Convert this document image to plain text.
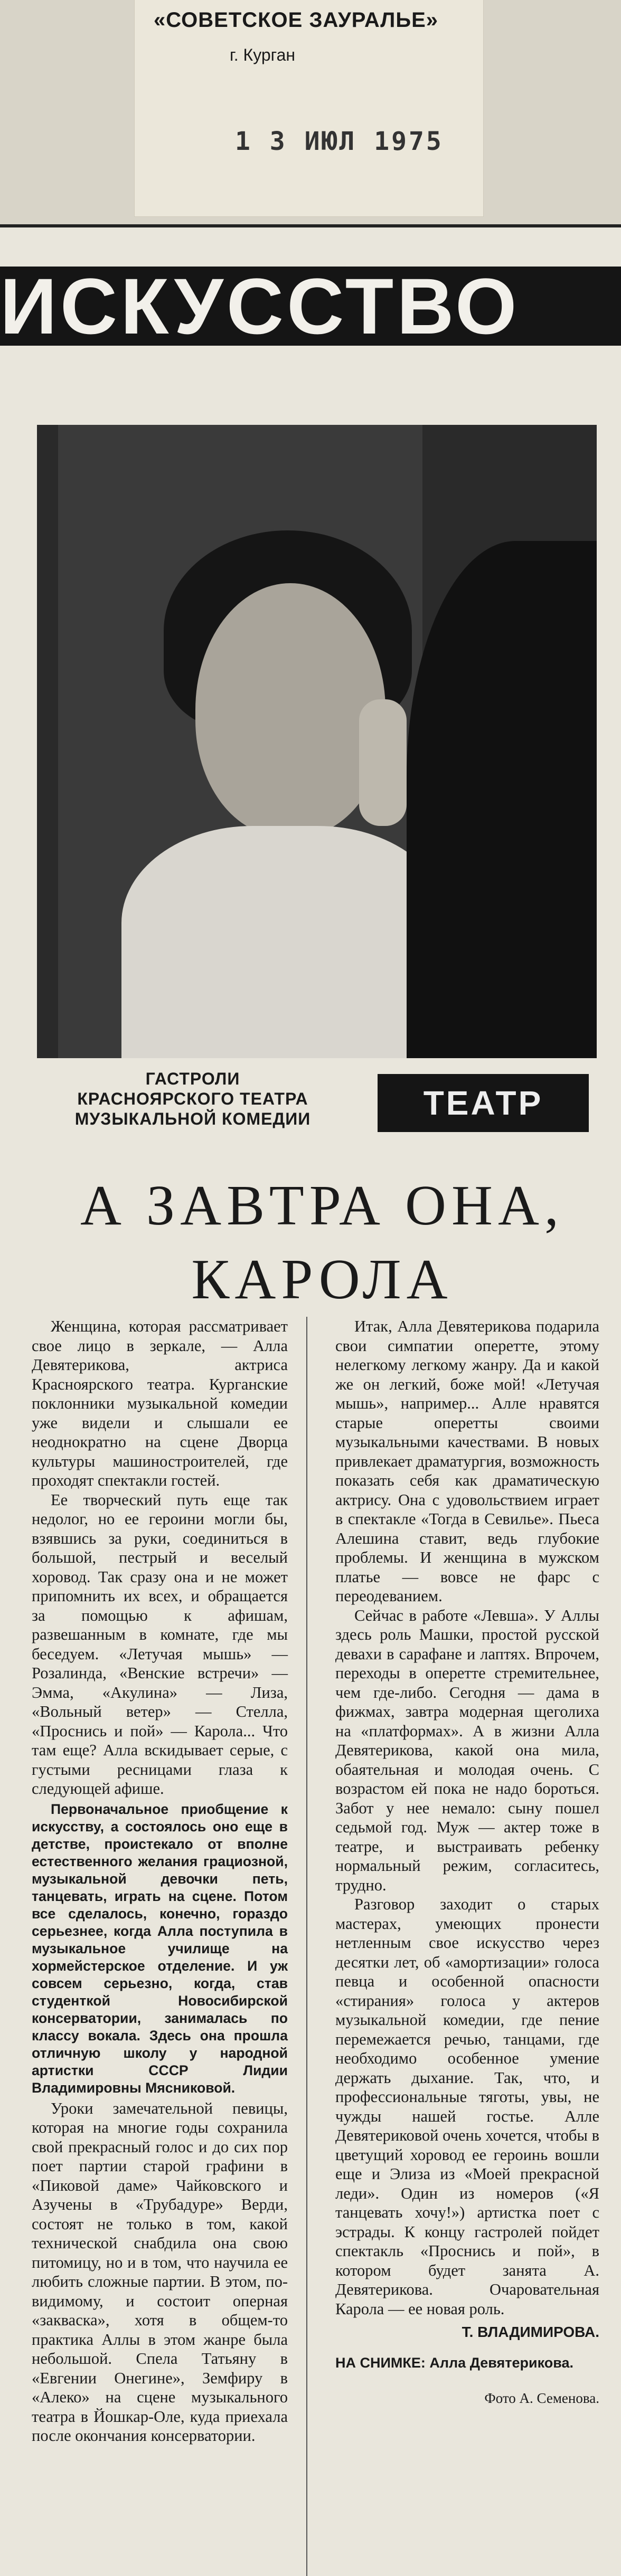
«СОВЕТСКОЕ ЗАУРАЛЬЕ»
г. Курган
1 3 ИЮЛ 1975
ИСКУССТВО
ГАСТРОЛИ КРАСНОЯРСКОГО ТЕАТРА МУЗЫКАЛЬНОЙ КОМЕДИИ	ТЕАТР
А ЗАВТРА ОНА,
КАРОЛА

Женщина, которая рассматривает свое лицо в зеркале, — Алла Девятерикова, актриса Красноярского театра. Курганские поклонники музыкальной комедии уже видели и слышали ее неоднократно на сцене Дворца культуры машиностроителей, где проходят спектакли гостей.

Ее творческий путь еще так недолог, но ее героини могли бы, взявшись за руки, соединиться в большой, пестрый и веселый хоровод. Так сразу она и не может припомнить их всех, и обращается за помощью к афишам, развешанным в комнате, где мы беседуем. «Летучая мышь» — Розалинда, «Венские встречи» — Эмма, «Акулина» — Лиза, «Вольный ветер» — Стелла, «Проснись и пой» — Карола... Что там еще? Алла вскидывает серые, с густыми ресницами глаза к следующей афише.

Первоначальное приобщение к искусству, а состоялось оно еще в детстве, проистекало от вполне естественного желания грациозной, музыкальной девочки петь, танцевать, играть на сцене. Потом все сделалось, конечно, гораздо серьезнее, когда Алла поступила в музыкальное училище на хормейстерское отделение. И уж совсем серьезно, когда, став студенткой Новосибирской консерватории, занималась по классу вокала. Здесь она прошла отличную школу у народной артистки СССР Лидии Владимировны Мясниковой.

Уроки замечательной певицы, которая на многие годы сохранила свой прекрасный голос и до сих пор поет партии старой графини в «Пиковой даме» Чайковского и Азучены в «Трубадуре» Верди, состоят не только в том, какой технической снабдила она свою питомицу, но и в том, что научила ее любить сложные партии. В этом, по-видимому, и состоит оперная «закваска», хотя в общем-то практика Аллы в этом жанре была небольшой. Спела Татьяну в «Евгении Онегине», Земфиру в «Алеко» на сцене музыкального театра в Йошкар-Оле, куда приехала после окончания консерватории.

Итак, Алла Девятерикова подарила свои симпатии оперетте, этому нелегкому легкому жанру. Да и какой же он легкий, боже мой! «Летучая мышь», например... Алле нравятся старые оперетты своими музыкальными качествами. В новых привлекает драматургия, возможность показать себя как драматическую актрису. Она с удовольствием играет в спектакле «Тогда в Севилье». Пьеса Алешина ставит, ведь глубокие проблемы. И женщина в мужском платье — вовсе не фарс с переодеванием.

Сейчас в работе «Левша». У Аллы здесь роль Машки, простой русской девахи в сарафане и лаптях. Впрочем, переходы в оперетте стремительнее, чем где-либо. Сегодня — дама в фижмах, завтра модерная щеголиха на «платформах». А в жизни Алла Девятерикова, какой она мила, обаятельная и молодая очень. С возрастом ей пока не надо бороться. Забот у нее немало: сыну пошел седьмой год. Муж — актер тоже в театре, и выстраивать ребенку нормальный режим, согласитесь, трудно.

Разговор заходит о старых мастерах, умеющих пронести нетленным свое искусство через десятки лет, об «амортизации» голоса певца и особенной опасности «стирания» голоса у актеров музыкальной комедии, где пение перемежается речью, танцами, где необходимо особенное умение держать дыхание. Так, что, и профессиональные тяготы, увы, не чужды нашей гостье. Алле Девятериковой очень хочется, чтобы в цветущий хоровод ее героинь вошли еще и Элиза из «Моей прекрасной леди». Один из номеров («Я танцевать хочу!») артистка поет с эстрады. К концу гастролей пойдет спектакль «Проснись и пой», в котором будет занята А. Девятерикова. Очаровательная Карола — ее новая роль.

Т. ВЛАДИМИРОВА.
НА СНИМКЕ: Алла Девятерикова.
Фото А. Семенова.
